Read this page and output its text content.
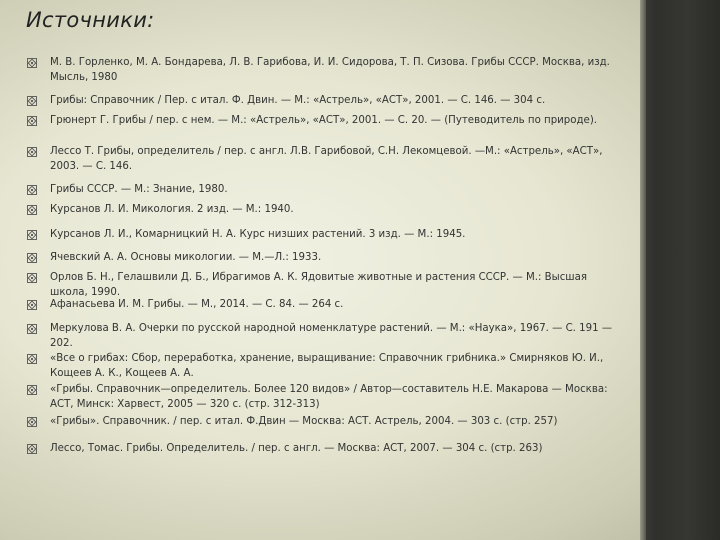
Источники:
М. В. Горленко, М. А. Бондарева, Л. В. Гарибова, И. И. Сидорова, Т. П. Сизова. Грибы СССР. Москва, изд. Мысль, 1980
Грибы: Справочник / Пер. с итал. Ф. Двин. — М.: «Астрель», «АСТ», 2001. — С. 146. — 304 с.
Грюнерт Г. Грибы / пер. с нем. — М.: «Астрель», «АСТ», 2001. — С. 20. — (Путеводитель по природе).
Лессо Т. Грибы, определитель / пер. с англ. Л.В. Гарибовой, С.Н. Лекомцевой. —М.: «Астрель», «АСТ», 2003. — С. 146.
Грибы СССР. — М.: Знание, 1980.
Курсанов Л. И. Микология. 2 изд. — М.: 1940.
Курсанов Л. И., Комарницкий Н. А. Курс низших растений. 3 изд. — М.: 1945.
Ячевский А. А. Основы микологии. — М.—Л.: 1933.
Орлов Б. Н., Гелашвили Д. Б., Ибрагимов А. К. Ядовитые животные и растения СССР. — М.: Высшая школа, 1990.
Афанасьева И. М. Грибы. — М., 2014. — С. 84. — 264 с.
Меркулова В. А. Очерки по русской народной номенклатуре растений. — М.: «Наука», 1967. — С. 191 —202.
«Все о грибах: Сбор, переработка, хранение, выращивание: Справочник грибника.» Смирняков Ю. И., Кощеев А. К., Кощеев А. А.
«Грибы. Справочник—определитель. Более 120 видов» / Автор—составитель Н.Е. Макарова — Москва: АСТ, Минск: Харвест, 2005 — 320 с. (стр. 312-313)
«Грибы». Справочник. / пер. с итал. Ф.Двин — Москва: АСТ. Астрель, 2004. — 303 с. (стр. 257)
Лессо, Томас. Грибы. Определитель. / пер. с англ. — Москва: АСТ, 2007. — 304 с. (стр. 263)
